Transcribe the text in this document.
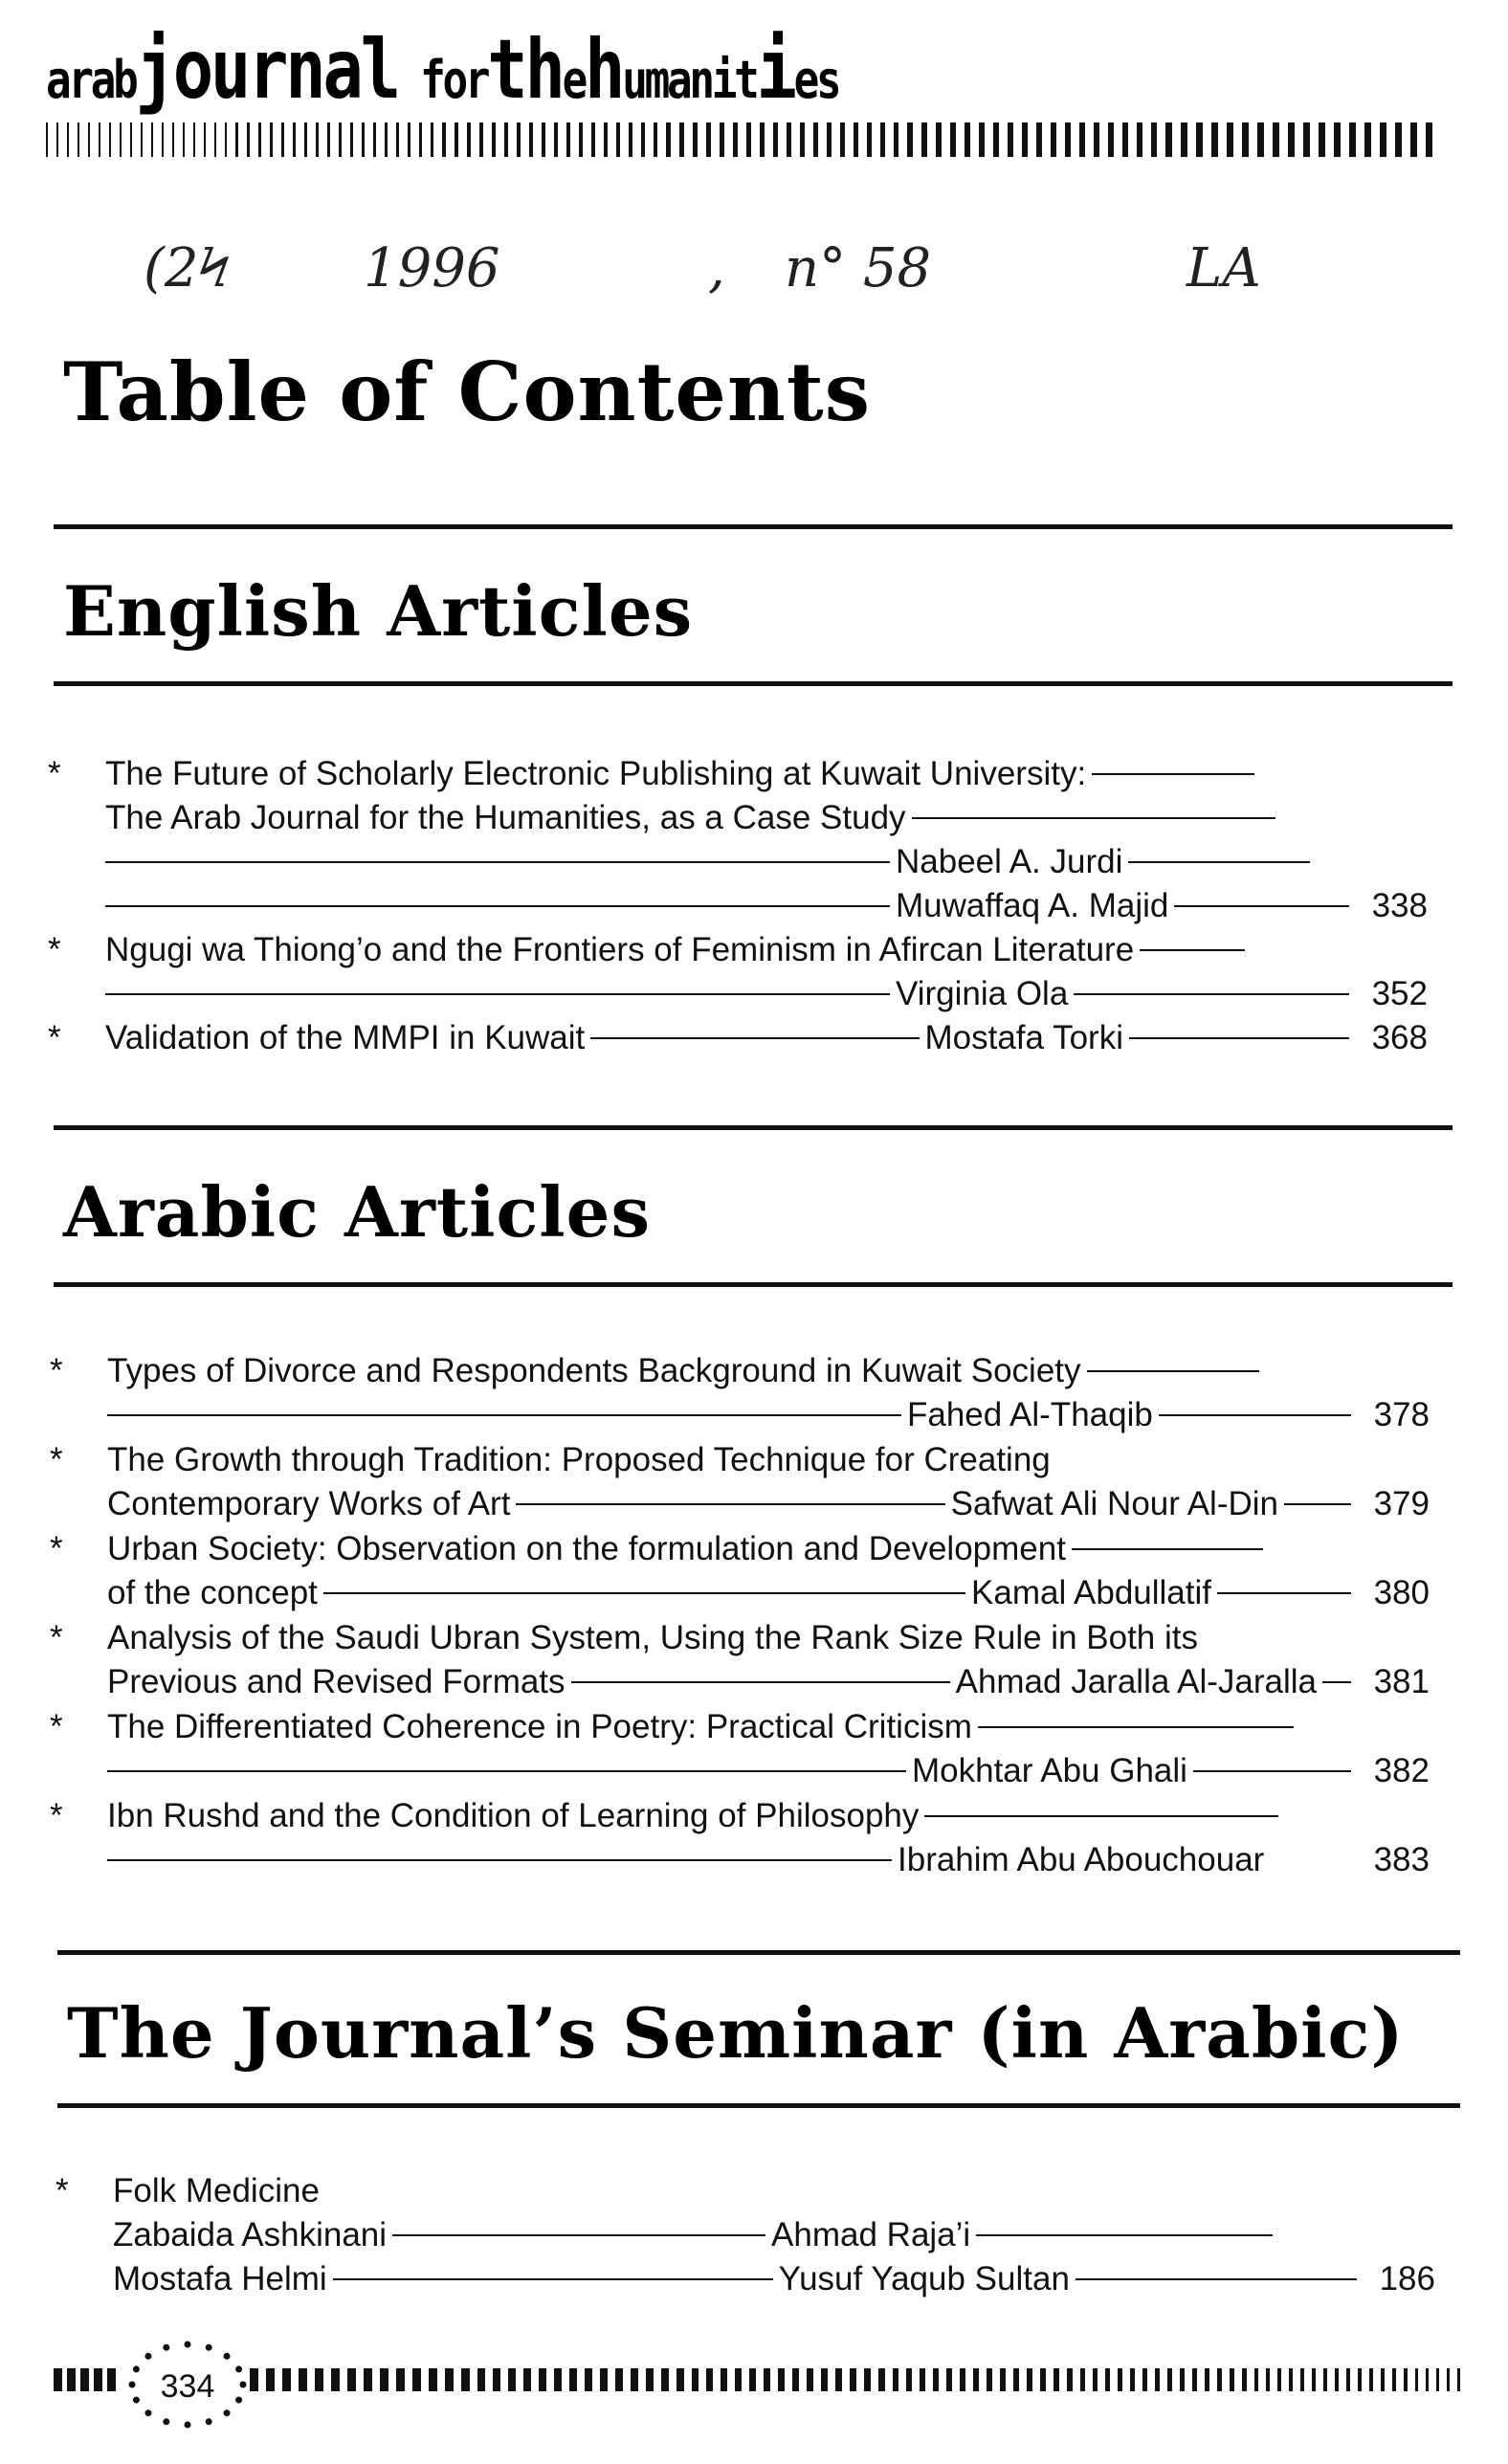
arabjournal forthehumanities
(2Ϟ 1996	, n° 58	LA
Table of Contents
English Articles
*	The Future of Scholarly Electronic Publishing at Kuwait University:
The Arab Journal for the Humanities, as a Case Study
Nabeel A. Jurdi
Muwaffaq A. Majid	338
*	Ngugi wa Thiong’o and the Frontiers of Feminism in Afircan Literature
Virginia Ola	352
*	Validation of the MMPI in Kuwait	Mostafa Torki	368
Arabic Articles
*	Types of Divorce and Respondents Background in Kuwait Society
Fahed Al-Thaqib	378
*	The Growth through Tradition: Proposed Technique for Creating
Contemporary Works of Art	Safwat Ali Nour Al-Din	379
*	Urban Society: Observation on the formulation and Development
of the concept	Kamal Abdullatif	380
*	Analysis of the Saudi Ubran System, Using the Rank Size Rule in Both its
Previous and Revised Formats	Ahmad Jaralla Al-Jaralla	381
*	The Differentiated Coherence in Poetry: Practical Criticism
Mokhtar Abu Ghali	382
*	Ibn Rushd and the Condition of Learning of Philosophy
Ibrahim Abu Abouchouar	383
The Journal’s Seminar (in Arabic)
*	Folk Medicine
Zabaida Ashkinani	Ahmad Raja’i
Mostafa Helmi	Yusuf Yaqub Sultan	186
334
